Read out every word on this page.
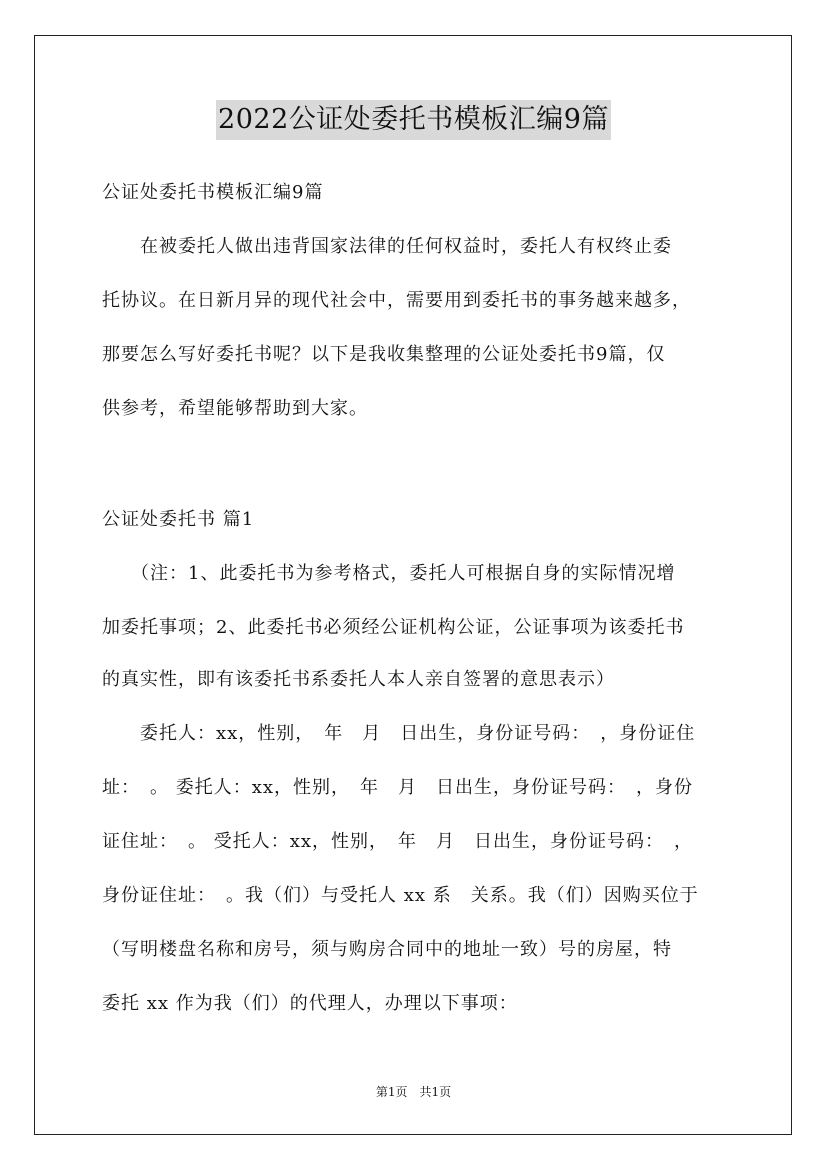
2022公证处委托书模板汇编9篇
公证处委托书模板汇编9篇
　　在被委托人做出违背国家法律的任何权益时，委托人有权终止委
托协议。在日新月异的现代社会中，需要用到委托书的事务越来越多，
那要怎么写好委托书呢？以下是我收集整理的公证处委托书9篇，仅
供参考，希望能够帮助到大家。
公证处委托书 篇1
　　（注：1、此委托书为参考格式，委托人可根据自身的实际情况增
加委托事项；2、此委托书必须经公证机构公证，公证事项为该委托书
的真实性，即有该委托书系委托人本人亲自签署的意思表示）
　　委托人：xx，性别，　年　月　日出生，身份证号码：　，身份证住
址：　。 委托人：xx，性别，　年　月　日出生，身份证号码：　，身份
证住址：　。 受托人：xx，性别，　年　月　日出生，身份证号码：　，
身份证住址：　。我（们）与受托人 xx 系　关系。我（们）因购买位于
（写明楼盘名称和房号，须与购房合同中的地址一致）号的房屋，特
委托 xx 作为我（们）的代理人，办理以下事项：
第1页　共1页
